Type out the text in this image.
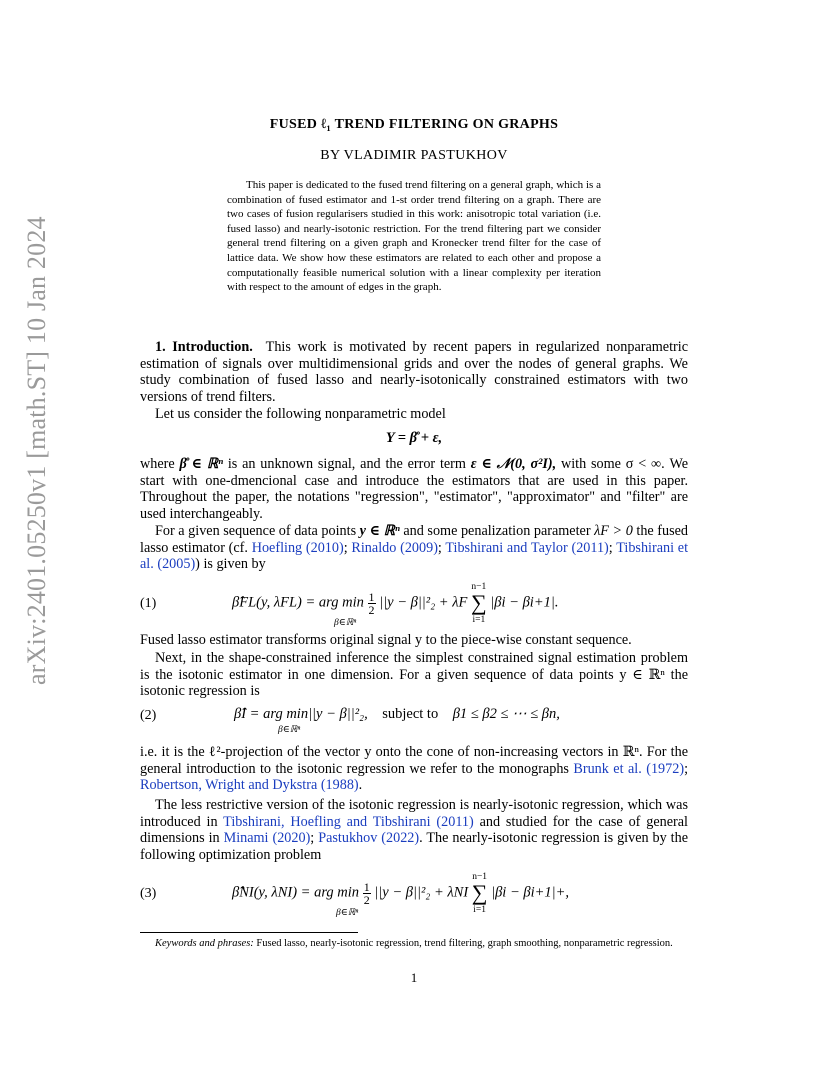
arXiv:2401.05250v1 [math.ST] 10 Jan 2024
FUSED ℓ₁ TREND FILTERING ON GRAPHS
BY VLADIMIR PASTUKHOV
This paper is dedicated to the fused trend filtering on a general graph, which is a combination of fused estimator and 1-st order trend filtering on a graph. There are two cases of fusion regularisers studied in this work: anisotropic total variation (i.e. fused lasso) and nearly-isotonic restriction. For the trend filtering part we consider general trend filtering on a given graph and Kronecker trend filter for the case of lattice data. We show how these estimators are related to each other and propose a computationally feasible numerical solution with a linear complexity per iteration with respect to the amount of edges in the graph.
1. Introduction. This work is motivated by recent papers in regularized nonparametric estimation of signals over multidimensional grids and over the nodes of general graphs. We study combination of fused lasso and nearly-isotonically constrained estimators with two versions of trend filters.
Let us consider the following nonparametric model
Y = β̊ + ε,
where β̊ ∈ ℝⁿ is an unknown signal, and the error term ε ∈ 𝒩(0, σ²I), with some σ < ∞. We start with one-dmencional case and introduce the estimators that are used in this paper. Throughout the paper, the notations "regression", "estimator", "approximator" and "filter" are used interchangeably.
For a given sequence of data points y ∈ ℝⁿ and some penalization parameter λF > 0 the fused lasso estimator (cf. Hoefling (2010); Rinaldo (2009); Tibshirani and Taylor (2011); Tibshirani et al. (2005)) is given by
(1)	β̂FL(y, λFL) = arg $\min \frac{1}{2} ||y - \beta||^2_2 + \lambda F$ n−1
∑
i=1 |βi − βi+1|.
β∈ℝⁿ
Fused lasso estimator transforms original signal y to the piece-wise constant sequence.
Next, in the shape-constrained inference the simplest constrained signal estimation problem is the isotonic estimator in one dimension. For a given sequence of data points y ∈ ℝⁿ the isotonic regression is
(2)	β̂I = arg min||y − β||²₂, subject to β1 ≤ β2 ≤ ⋯ ≤ βn,
β∈ℝⁿ
i.e. it is the ℓ²-projection of the vector y onto the cone of non-increasing vectors in ℝⁿ. For the general introduction to the isotonic regression we refer to the monographs Brunk et al. (1972); Robertson, Wright and Dykstra (1988).
The less restrictive version of the isotonic regression is nearly-isotonic regression, which was introduced in Tibshirani, Hoefling and Tibshirani (2011) and studied for the case of general dimensions in Minami (2020); Pastukhov (2022). The nearly-isotonic regression is given by the following optimization problem
(3)	β̂NI(y, λNI) = arg $\min \frac{1}{2} ||y - \beta||^2_2 + \lambda NI$ n−1
∑
i=1 |βi − βi+1|+,
β∈ℝⁿ
Keywords and phrases: Fused lasso, nearly-isotonic regression, trend filtering, graph smoothing, nonparametric regression.
1
